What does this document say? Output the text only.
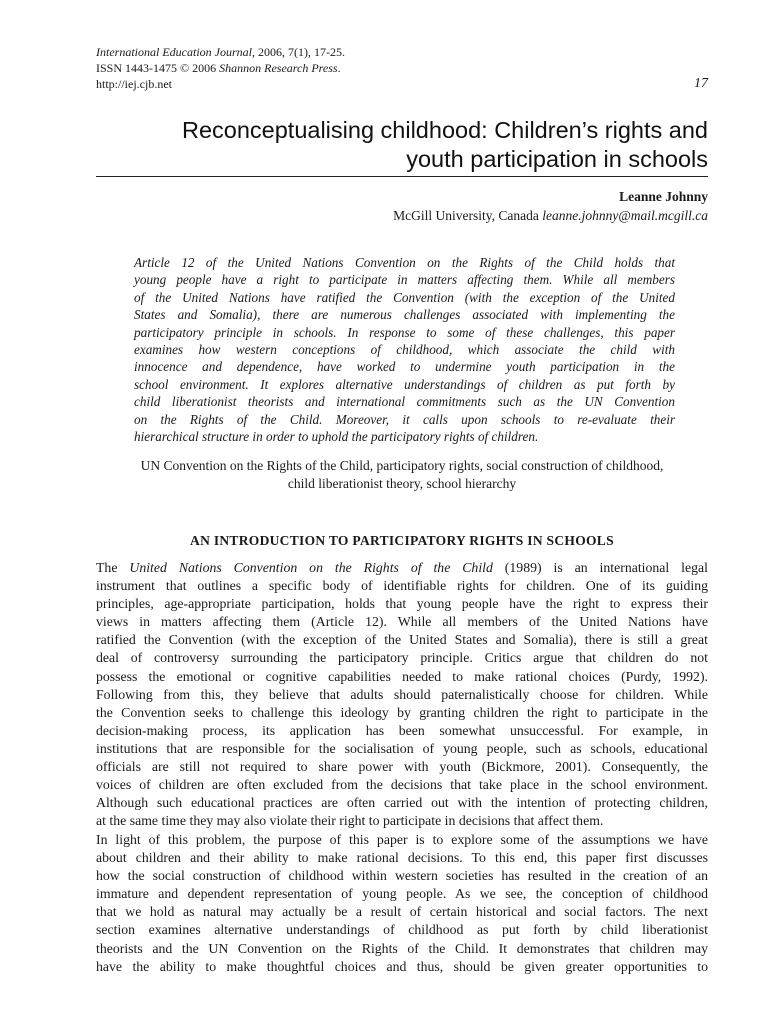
International Education Journal, 2006, 7(1), 17-25.
ISSN 1443-1475 © 2006 Shannon Research Press.
http://iej.cjb.net	17
Reconceptualising childhood: Children’s rights and
youth participation in schools
Leanne Johnny
McGill University, Canada leanne.johnny@mail.mcgill.ca
Article 12 of the United Nations Convention on the Rights of the Child holds that
young people have a right to participate in matters affecting them. While all members
of the United Nations have ratified the Convention (with the exception of the United
States and Somalia), there are numerous challenges associated with implementing the
participatory principle in schools. In response to some of these challenges, this paper
examines how western conceptions of childhood, which associate the child with
innocence and dependence, have worked to undermine youth participation in the
school environment. It explores alternative understandings of children as put forth by
child liberationist theorists and international commitments such as the UN Convention
on the Rights of the Child. Moreover, it calls upon schools to re-evaluate their
hierarchical structure in order to uphold the participatory rights of children.
UN Convention on the Rights of the Child, participatory rights, social construction of childhood,
child liberationist theory, school hierarchy
AN INTRODUCTION TO PARTICIPATORY RIGHTS IN SCHOOLS
The United Nations Convention on the Rights of the Child (1989) is an international legal
instrument that outlines a specific body of identifiable rights for children. One of its guiding
principles, age-appropriate participation, holds that young people have the right to express their
views in matters affecting them (Article 12). While all members of the United Nations have
ratified the Convention (with the exception of the United States and Somalia), there is still a great
deal of controversy surrounding the participatory principle. Critics argue that children do not
possess the emotional or cognitive capabilities needed to make rational choices (Purdy, 1992).
Following from this, they believe that adults should paternalistically choose for children. While
the Convention seeks to challenge this ideology by granting children the right to participate in the
decision-making process, its application has been somewhat unsuccessful. For example, in
institutions that are responsible for the socialisation of young people, such as schools, educational
officials are still not required to share power with youth (Bickmore, 2001). Consequently, the
voices of children are often excluded from the decisions that take place in the school environment.
Although such educational practices are often carried out with the intention of protecting children,
at the same time they may also violate their right to participate in decisions that affect them.
In light of this problem, the purpose of this paper is to explore some of the assumptions we have
about children and their ability to make rational decisions. To this end, this paper first discusses
how the social construction of childhood within western societies has resulted in the creation of an
immature and dependent representation of young people. As we see, the conception of childhood
that we hold as natural may actually be a result of certain historical and social factors. The next
section examines alternative understandings of childhood as put forth by child liberationist
theorists and the UN Convention on the Rights of the Child. It demonstrates that children may
have the ability to make thoughtful choices and thus, should be given greater opportunities to
